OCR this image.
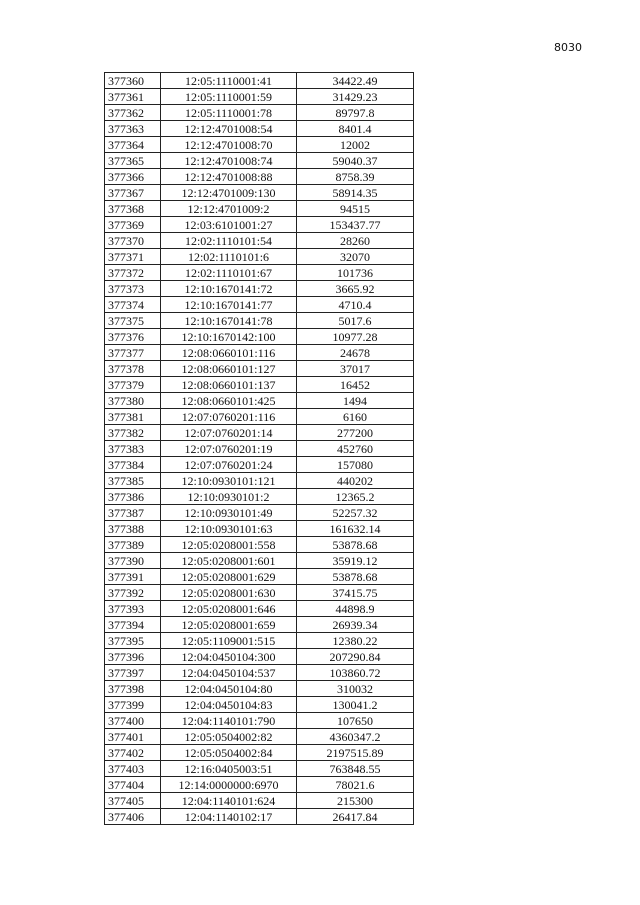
8030
377360	12:05:1110001:41	34422.49
377361	12:05:1110001:59	31429.23
377362	12:05:1110001:78	89797.8
377363	12:12:4701008:54	8401.4
377364	12:12:4701008:70	12002
377365	12:12:4701008:74	59040.37
377366	12:12:4701008:88	8758.39
377367	12:12:4701009:130	58914.35
377368	12:12:4701009:2	94515
377369	12:03:6101001:27	153437.77
377370	12:02:1110101:54	28260
377371	12:02:1110101:6	32070
377372	12:02:1110101:67	101736
377373	12:10:1670141:72	3665.92
377374	12:10:1670141:77	4710.4
377375	12:10:1670141:78	5017.6
377376	12:10:1670142:100	10977.28
377377	12:08:0660101:116	24678
377378	12:08:0660101:127	37017
377379	12:08:0660101:137	16452
377380	12:08:0660101:425	1494
377381	12:07:0760201:116	6160
377382	12:07:0760201:14	277200
377383	12:07:0760201:19	452760
377384	12:07:0760201:24	157080
377385	12:10:0930101:121	440202
377386	12:10:0930101:2	12365.2
377387	12:10:0930101:49	52257.32
377388	12:10:0930101:63	161632.14
377389	12:05:0208001:558	53878.68
377390	12:05:0208001:601	35919.12
377391	12:05:0208001:629	53878.68
377392	12:05:0208001:630	37415.75
377393	12:05:0208001:646	44898.9
377394	12:05:0208001:659	26939.34
377395	12:05:1109001:515	12380.22
377396	12:04:0450104:300	207290.84
377397	12:04:0450104:537	103860.72
377398	12:04:0450104:80	310032
377399	12:04:0450104:83	130041.2
377400	12:04:1140101:790	107650
377401	12:05:0504002:82	4360347.2
377402	12:05:0504002:84	2197515.89
377403	12:16:0405003:51	763848.55
377404	12:14:0000000:6970	78021.6
377405	12:04:1140101:624	215300
377406	12:04:1140102:17	26417.84
